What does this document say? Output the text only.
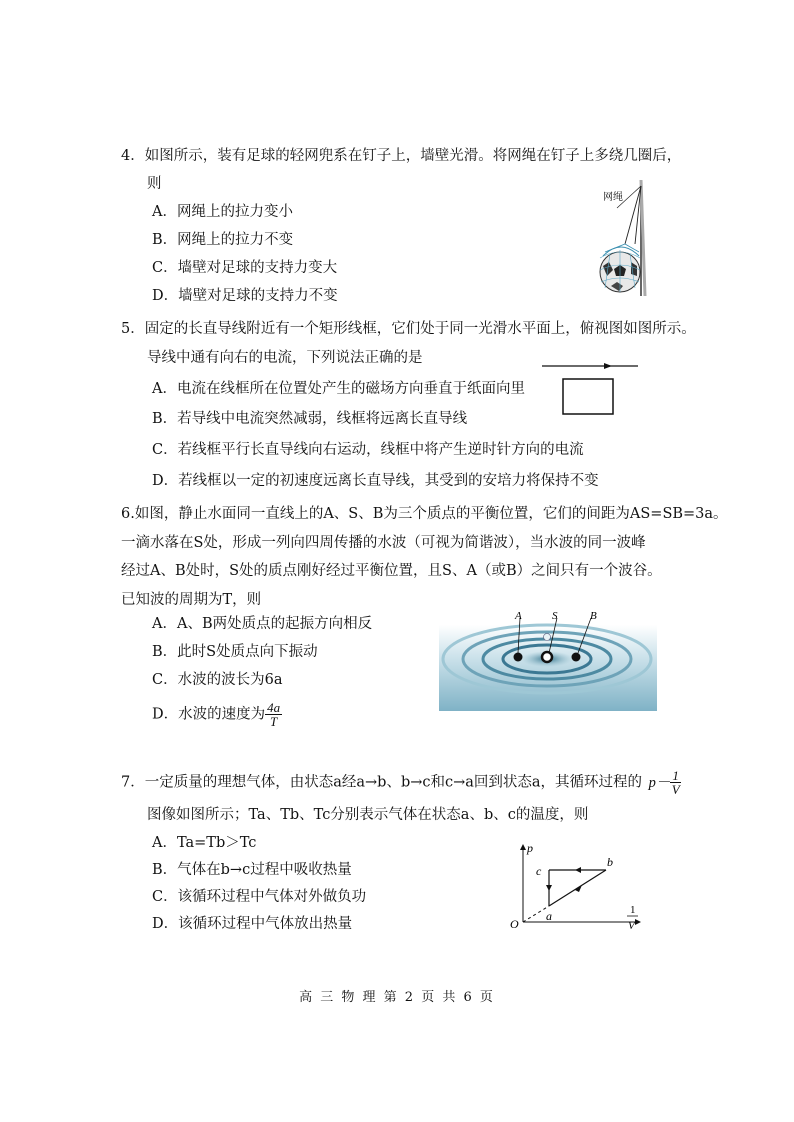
4．如图所示，装有足球的轻网兜系在钉子上，墙壁光滑。将网绳在钉子上多绕几圈后，
则
A．网绳上的拉力变小
B．网绳上的拉力不变
C．墙壁对足球的支持力变大
D．墙壁对足球的支持力不变
网绳
5．固定的长直导线附近有一个矩形线框，它们处于同一光滑水平面上，俯视图如图所示。
导线中通有向右的电流，下列说法正确的是
A．电流在线框所在位置处产生的磁场方向垂直于纸面向里
B．若导线中电流突然减弱，线框将远离长直导线
C．若线框平行长直导线向右运动，线框中将产生逆时针方向的电流
D．若线框以一定的初速度远离长直导线，其受到的安培力将保持不变
6.如图，静止水面同一直线上的A、S、B为三个质点的平衡位置，它们的间距为AS=SB=3a。
一滴水落在S处，形成一列向四周传播的水波（可视为简谐波），当水波的同一波峰
经过A、B处时，S处的质点刚好经过平衡位置，且S、A（或B）之间只有一个波谷。
已知波的周期为T，则
A．A、B两处质点的起振方向相反
B．此时S处质点向下振动
C．水波的波长为6a
D．水波的速度为 $\frac{4a}{T}$
A	S	B
7．一定质量的理想气体，由状态a经a→b、b→c和c→a回到状态a，其循环过程的 $p- \frac{1}{V}$
图像如图所示；Ta、Tb、Tc分别表示气体在状态a、b、c的温度，则
A．Ta=Tb＞Tc
B．气体在b→c过程中吸收热量
C．该循环过程中气体对外做负功
D．该循环过程中气体放出热量
p
O
a
b
c
1
V
高 三 物 理 第 2 页 共 6 页
